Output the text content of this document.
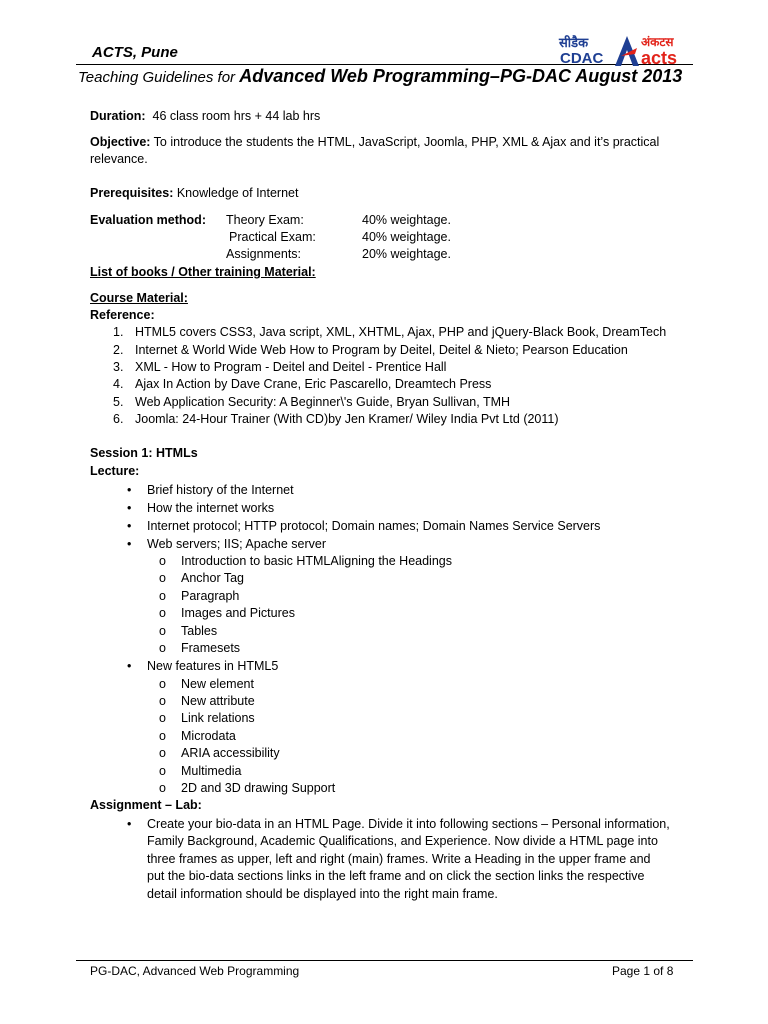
ACTS, Pune
Teaching Guidelines for Advanced Web Programming–PG-DAC August 2013
सीडैक
CDAC
अंकटस
acts
Duration: 46 class room hrs + 44 lab hrs
Objective: To introduce the students the HTML, JavaScript, Joomla, PHP, XML & Ajax and it’s practical
relevance.
Prerequisites: Knowledge of Internet
Evaluation method: Theory Exam:	40% weightage.
Practical Exam:	40% weightage.
Assignments:	20% weightage.
List of books / Other training Material:
Course Material:
Reference:
1. HTML5 covers CSS3, Java script, XML, XHTML, Ajax, PHP and jQuery-Black Book, DreamTech
2. Internet & World Wide Web How to Program by Deitel, Deitel & Nieto; Pearson Education
3. XML - How to Program - Deitel and Deitel - Prentice Hall
4. Ajax In Action by Dave Crane, Eric Pascarello, Dreamtech Press
5. Web Application Security: A Beginner\'s Guide, Bryan Sullivan, TMH
6. Joomla: 24-Hour Trainer (With CD)by Jen Kramer/ Wiley India Pvt Ltd (2011)
Session 1: HTMLs
Lecture:
• Brief history of the Internet
• How the internet works
• Internet protocol; HTTP protocol; Domain names; Domain Names Service Servers
• Web servers; IIS; Apache server
o Introduction to basic HTMLAligning the Headings
o Anchor Tag
o Paragraph
o Images and Pictures
o Tables
o Framesets
• New features in HTML5
o New element
o New attribute
o Link relations
o Microdata
o ARIA accessibility
o Multimedia
o 2D and 3D drawing Support
Assignment – Lab:
• Create your bio-data in an HTML Page. Divide it into following sections – Personal information,
Family Background, Academic Qualifications, and Experience. Now divide a HTML page into
three frames as upper, left and right (main) frames. Write a Heading in the upper frame and
put the bio-data sections links in the left frame and on click the section links the respective
detail information should be displayed into the right main frame.
PG-DAC, Advanced Web Programming	Page 1 of 8
